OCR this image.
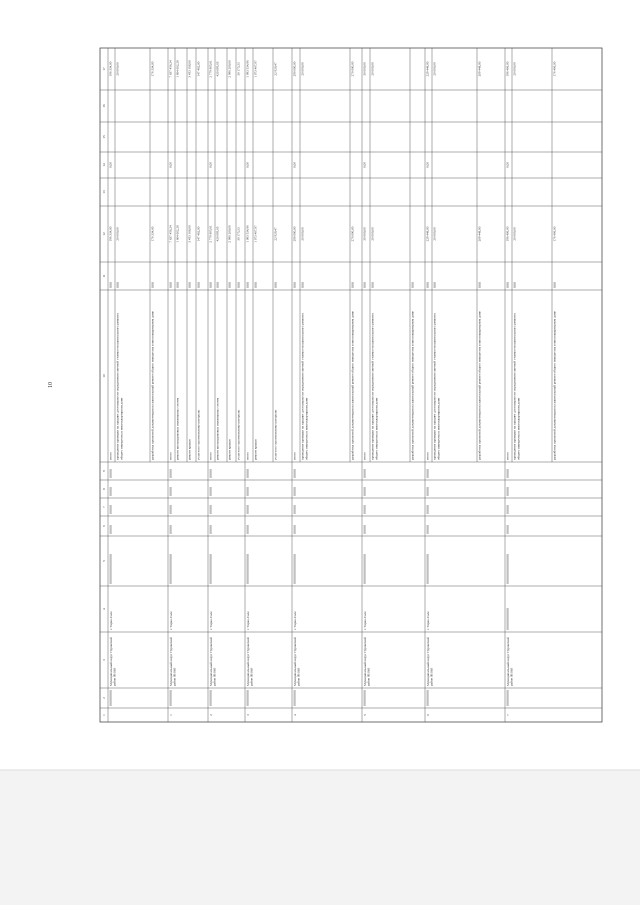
10
1
2
3
4
5
6
7
8
9
10
11
12
13
14
15
16
17
Муниципальный округ Пуровскийрайон ЯНАО
г. Тарко-Сале
итого
196 334,00
0,00
196 334,00
проведение проверки на предмет достоверности определения сметной стоимости капитального ремонтаобщего имущества в многоквартирном доме
20 000,00
20 000,00
разработка проектной документации на капитальный ремонт общего имущества в многоквартирном доме
176 334,00
176 334,00
1
Муниципальный округ Пуровскийрайон ЯНАО
г. Тарко-Сале
итого
7 837 456,24
0,00
7 837 456,24
ремонт внутридомовых инженерных систем
1 604 602,28
1 604 602,28
ремонт крыши
3 453 168,00
3 453 168,00
услуги по строительному контролю
147 462,00
147 462,00
2
Муниципальный округ Пуровскийрайон ЯНАО
г. Тарко-Сале
итого
2 779 805,61
0,00
2 779 805,61
ремонт внутридомовых инженерных систем
420 095,65
420 095,65
ремонт крыши
2 096 200,00
2 096 200,00
услуги по строительному контролю
30 175,33
30 175,33
3
Муниципальный округ Пуровскийрайон ЯНАО
г. Тарко-Сале
итого
1 093 534,96
0,00
1 093 534,96
ремонт крыши
1 073 407,97
1 073 407,97
услуги по строительному контролю
22 929,47
22 929,47
4
Муниципальный округ Пуровскийрайон ЯНАО
г. Тарко-Сале
итого
290 000,00
0,00
290 000,00
проведение проверки на предмет достоверности определения сметной стоимости капитального ремонтаобщего имущества в многоквартирном доме
20 000,00
20 000,00
разработка проектной документации на капитальный ремонт общего имущества в многоквартирном доме
270 000,00
270 000,00
5
Муниципальный округ Пуровскийрайон ЯНАО
г. Тарко-Сале
итого
30 000,00
0,00
30 000,00
проведение проверки на предмет достоверности определения сметной стоимости капитального ремонтаобщего имущества в многоквартирном доме
20 000,00
20 000,00
разработка проектной документации на капитальный ремонт общего имущества в многоквартирном доме
6
Муниципальный округ Пуровскийрайон ЯНАО
г. Тарко-Сале
итого
229 448,00
0,00
229 448,00
проведение проверки на предмет достоверности определения сметной стоимости капитального ремонтаобщего имущества в многоквартирном доме
20 000,00
20 000,00
разработка проектной документации на капитальный ремонт общего имущества в многоквартирном доме
209 448,00
209 448,00
7
Муниципальный округ Пуровскийрайон ЯНАО
итого
196 406,00
0,00
196 406,00
проведение проверки на предмет достоверности определения сметной стоимости капитального ремонтаобщего имущества в многоквартирном доме
20 000,00
20 000,00
разработка проектной документации на капитальный ремонт общего имущества в многоквартирном доме
176 406,00
176 406,00
